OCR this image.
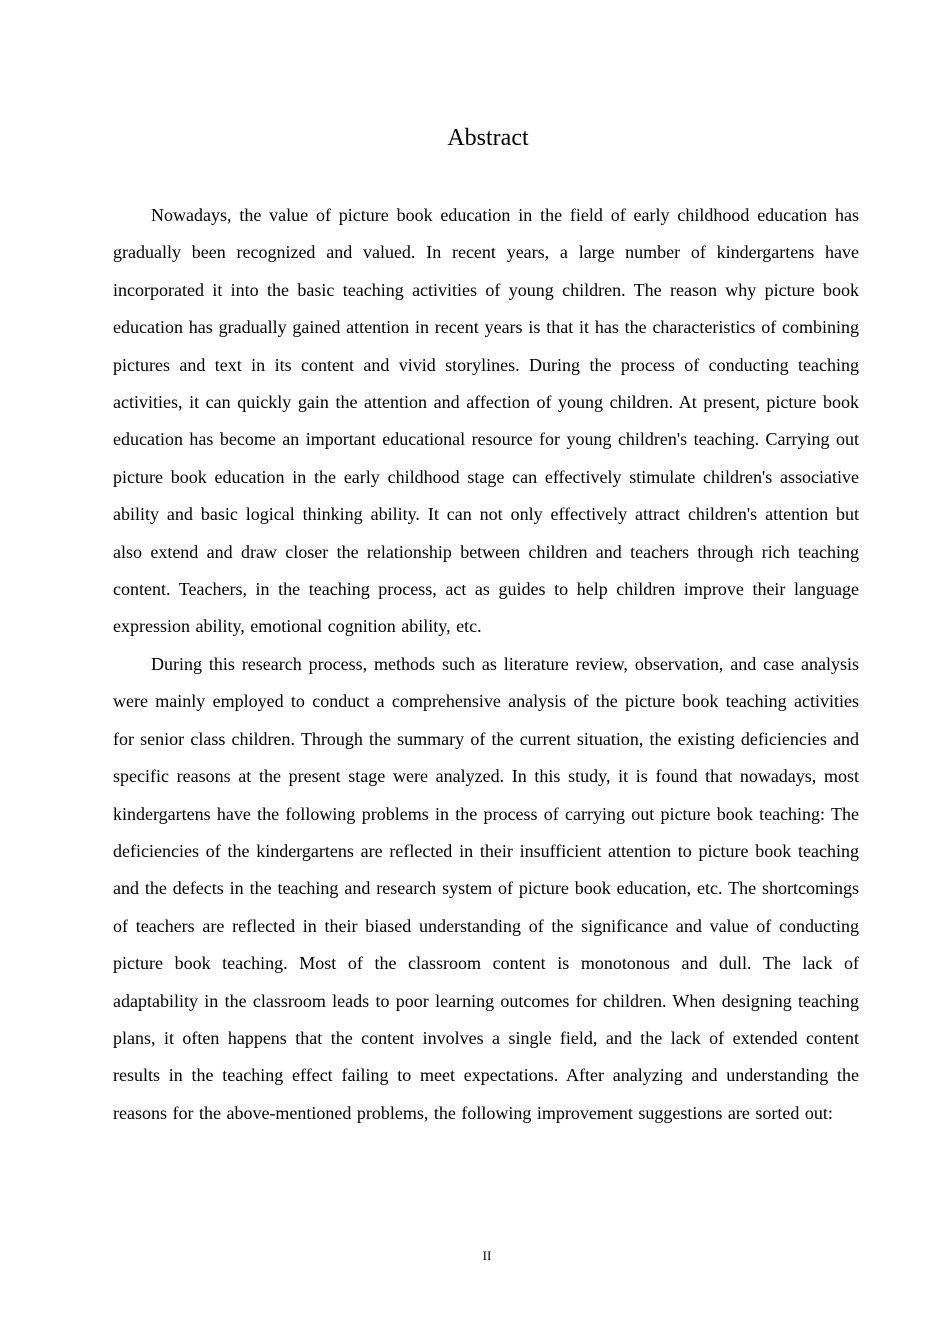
Abstract

Nowadays, the value of picture book education in the field of early childhood education has gradually been recognized and valued. In recent years, a large number of kindergartens have incorporated it into the basic teaching activities of young children. The reason why picture book education has gradually gained attention in recent years is that it has the characteristics of combining pictures and text in its content and vivid storylines. During the process of conducting teaching activities, it can quickly gain the attention and affection of young children. At present, picture book education has become an important educational resource for young children's teaching. Carrying out picture book education in the early childhood stage can effectively stimulate children's associative ability and basic logical thinking ability. It can not only effectively attract children's attention but also extend and draw closer the relationship between children and teachers through rich teaching content. Teachers, in the teaching process, act as guides to help children improve their language expression ability, emotional cognition ability, etc.

During this research process, methods such as literature review, observation, and case analysis were mainly employed to conduct a comprehensive analysis of the picture book teaching activities for senior class children. Through the summary of the current situation, the existing deficiencies and specific reasons at the present stage were analyzed. In this study, it is found that nowadays, most kindergartens have the following problems in the process of carrying out picture book teaching: The deficiencies of the kindergartens are reflected in their insufficient attention to picture book teaching and the defects in the teaching and research system of picture book education, etc. The shortcomings of teachers are reflected in their biased understanding of the significance and value of conducting picture book teaching. Most of the classroom content is monotonous and dull. The lack of adaptability in the classroom leads to poor learning outcomes for children. When designing teaching plans, it often happens that the content involves a single field, and the lack of extended content results in the teaching effect failing to meet expectations. After analyzing and understanding the reasons for the above-mentioned problems, the following improvement suggestions are sorted out:

II
